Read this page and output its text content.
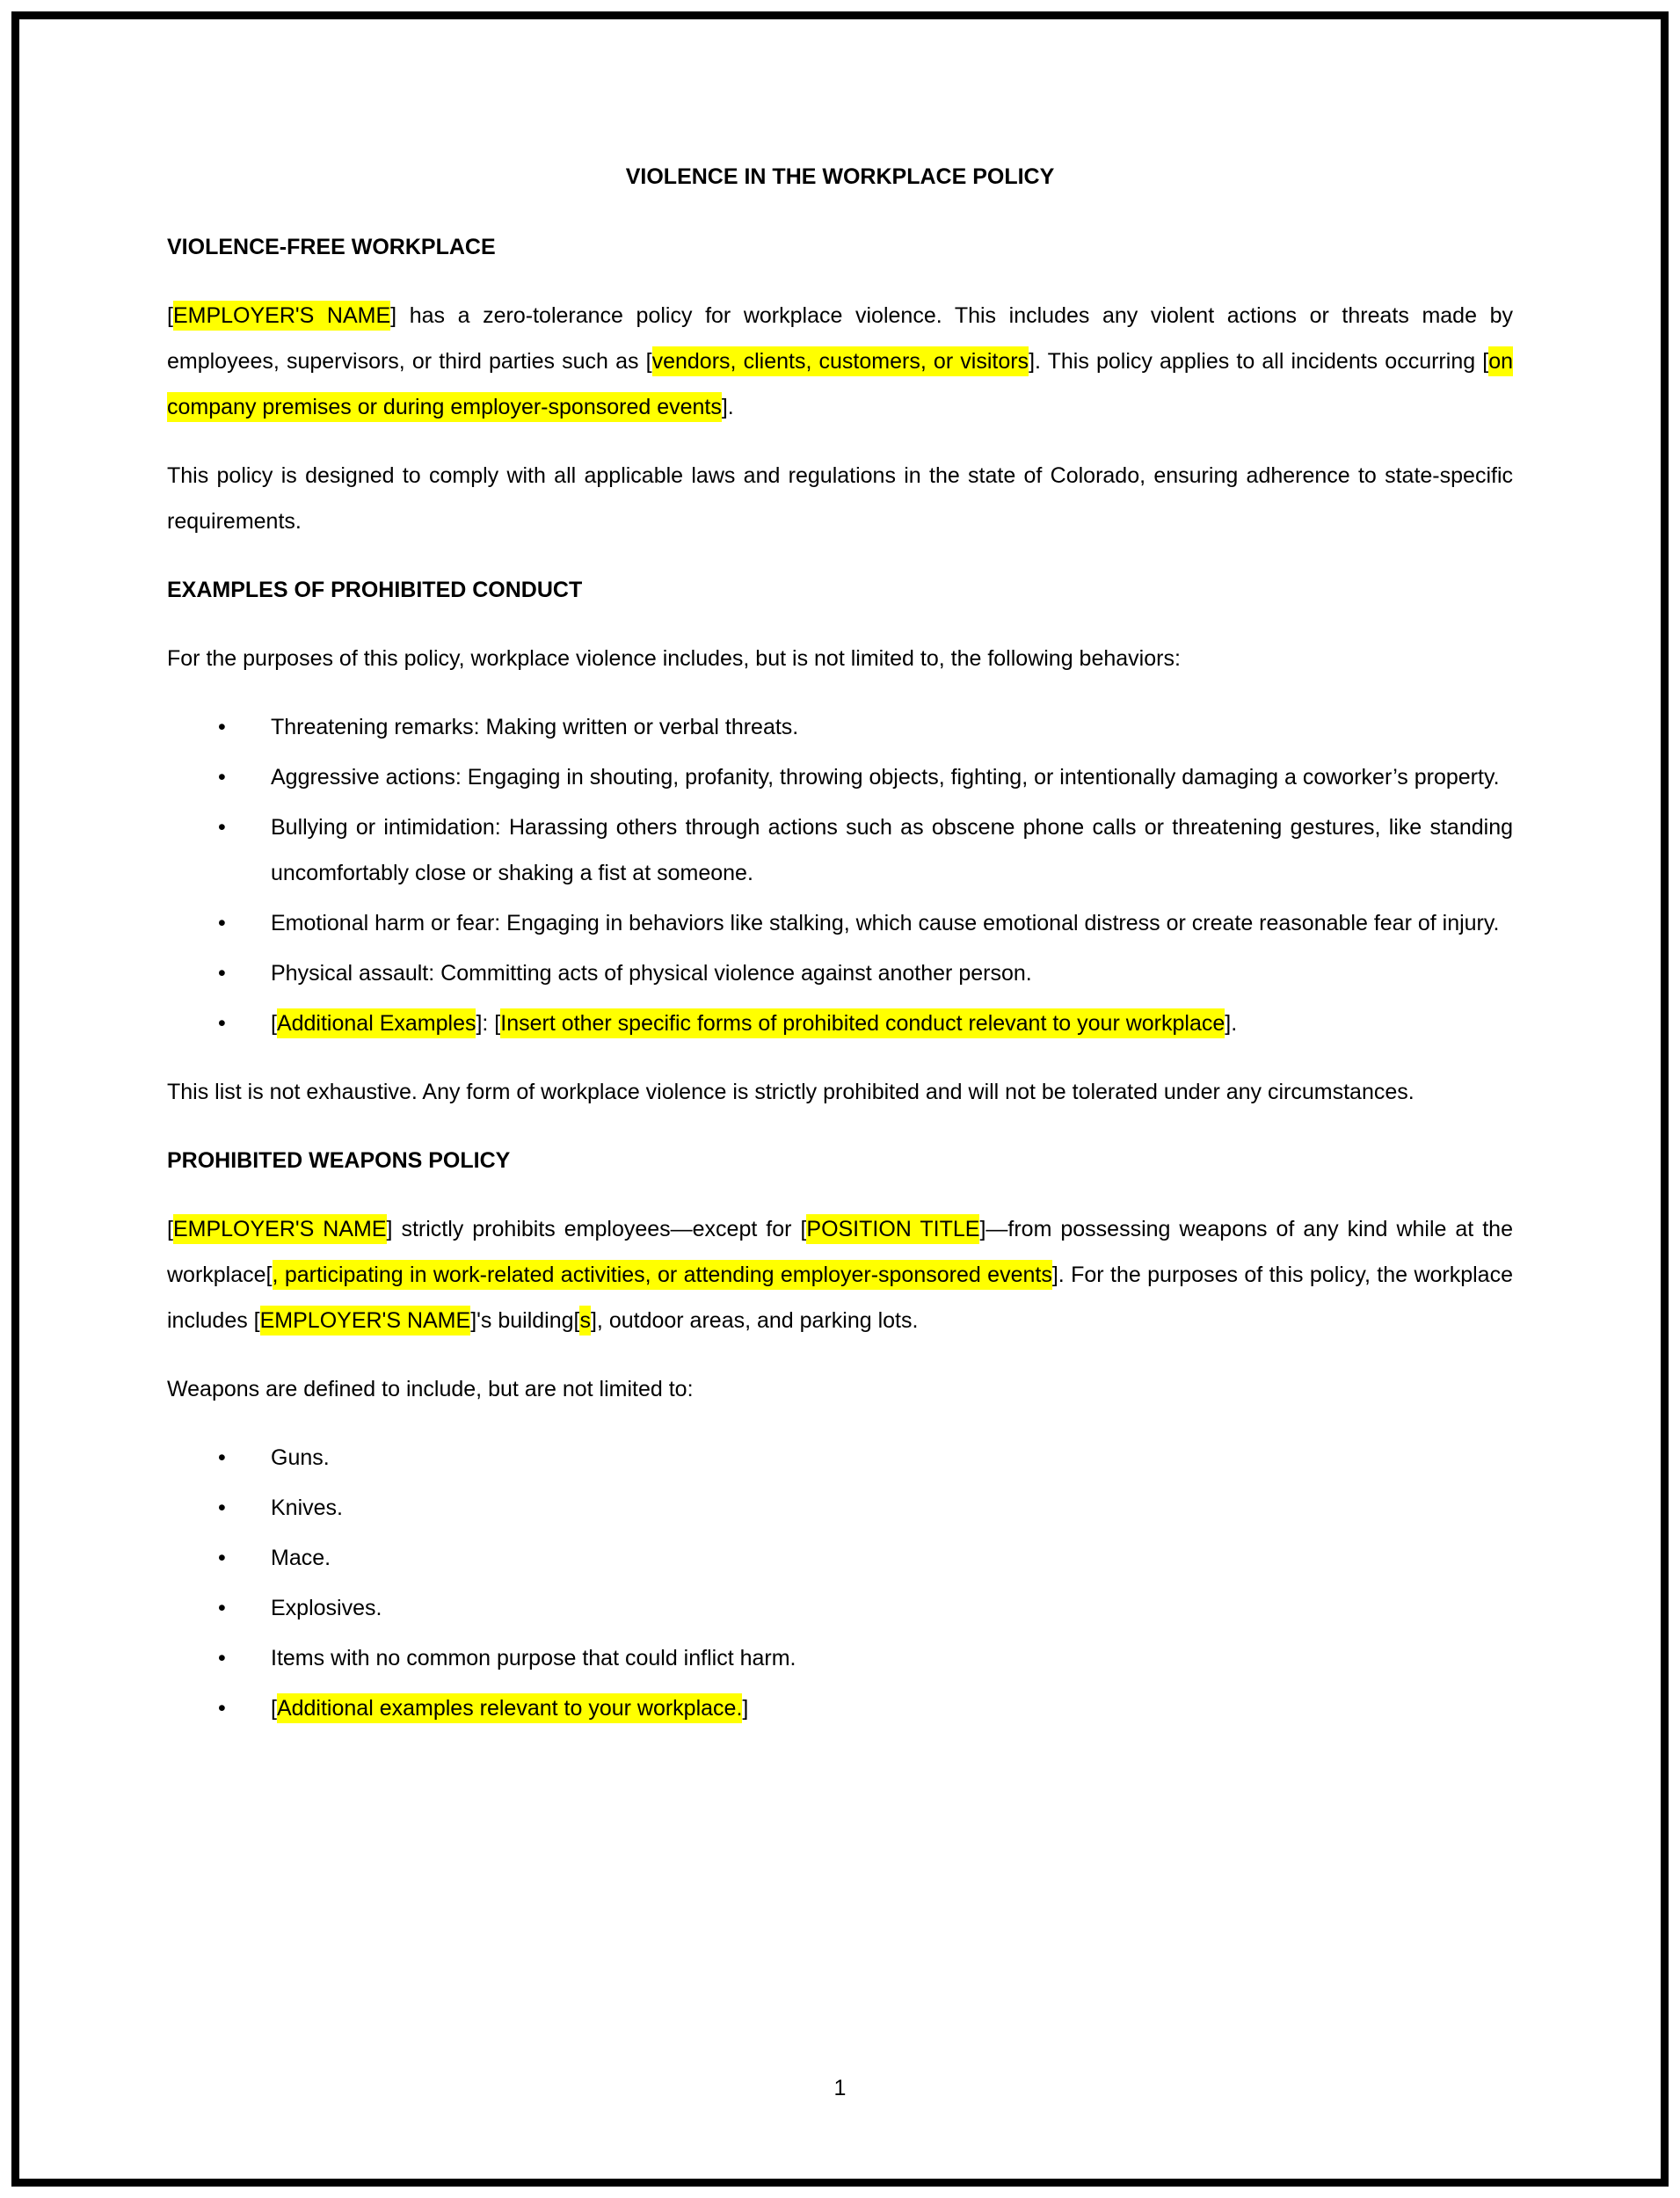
VIOLENCE IN THE WORKPLACE POLICY
VIOLENCE-FREE WORKPLACE

[EMPLOYER'S NAME] has a zero-tolerance policy for workplace violence. This includes any violent actions or threats made by employees, supervisors, or third parties such as [vendors, clients, customers, or visitors]. This policy applies to all incidents occurring [on company premises or during employer-sponsored events].

This policy is designed to comply with all applicable laws and regulations in the state of Colorado, ensuring adherence to state-specific requirements.

EXAMPLES OF PROHIBITED CONDUCT

For the purposes of this policy, workplace violence includes, but is not limited to, the following behaviors:

• Threatening remarks: Making written or verbal threats.
• Aggressive actions: Engaging in shouting, profanity, throwing objects, fighting, or intentionally damaging a coworker’s property.
• Bullying or intimidation: Harassing others through actions such as obscene phone calls or threatening gestures, like standing uncomfortably close or shaking a fist at someone.
• Emotional harm or fear: Engaging in behaviors like stalking, which cause emotional distress or create reasonable fear of injury.
• Physical assault: Committing acts of physical violence against another person.
• [Additional Examples]: [Insert other specific forms of prohibited conduct relevant to your workplace].

This list is not exhaustive. Any form of workplace violence is strictly prohibited and will not be tolerated under any circumstances.

PROHIBITED WEAPONS POLICY

[EMPLOYER'S NAME] strictly prohibits employees—except for [POSITION TITLE]—from possessing weapons of any kind while at the workplace[, participating in work-related activities, or attending employer-sponsored events]. For the purposes of this policy, the workplace includes [EMPLOYER'S NAME]'s building[s], outdoor areas, and parking lots.

Weapons are defined to include, but are not limited to:

• Guns.
• Knives.
• Mace.
• Explosives.
• Items with no common purpose that could inflict harm.
• [Additional examples relevant to your workplace.]
1
